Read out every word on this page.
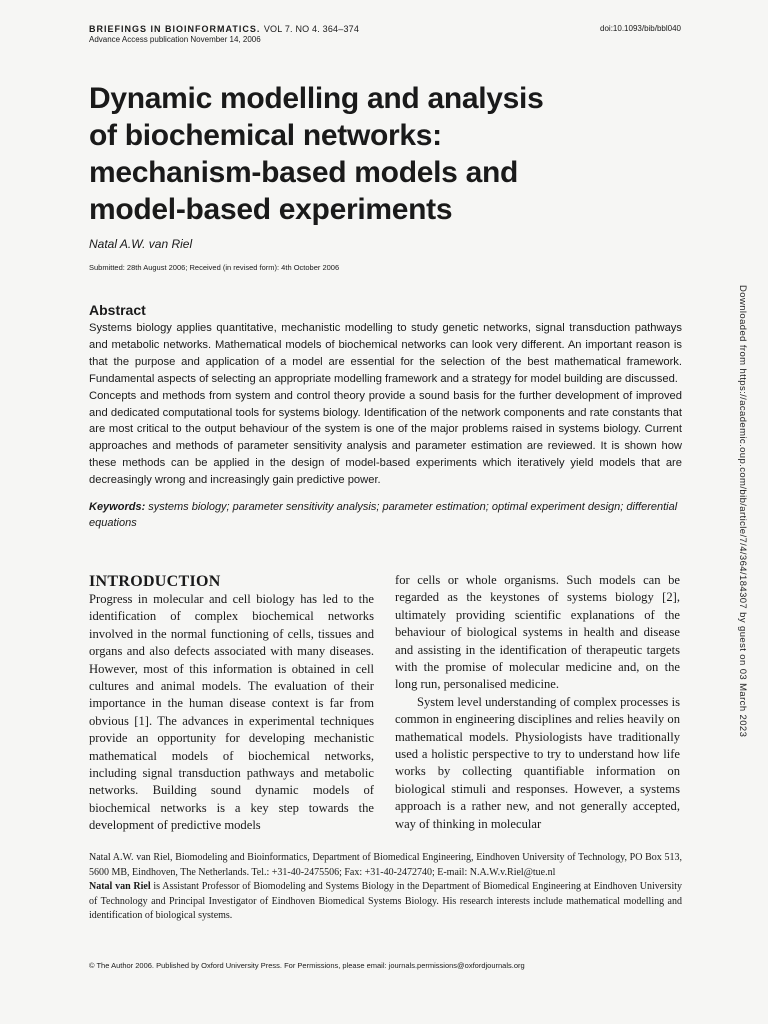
BRIEFINGS IN BIOINFORMATICS. VOL 7. NO 4. 364–374
Advance Access publication November 14, 2006
doi:10.1093/bib/bbl040
Dynamic modelling and analysis
of biochemical networks:
mechanism-based models and
model-based experiments
Natal A.W. van Riel
Submitted: 28th August 2006; Received (in revised form): 4th October 2006
Abstract

Systems biology applies quantitative, mechanistic modelling to study genetic networks, signal transduction pathways and metabolic networks. Mathematical models of biochemical networks can look very different. An important reason is that the purpose and application of a model are essential for the selection of the best mathematical framework. Fundamental aspects of selecting an appropriate modelling framework and a strategy for model building are discussed.

Concepts and methods from system and control theory provide a sound basis for the further development of improved and dedicated computational tools for systems biology. Identification of the network components and rate constants that are most critical to the output behaviour of the system is one of the major problems raised in systems biology. Current approaches and methods of parameter sensitivity analysis and parameter estimation are reviewed. It is shown how these methods can be applied in the design of model-based experiments which iteratively yield models that are decreasingly wrong and increasingly gain predictive power.

Keywords: systems biology; parameter sensitivity analysis; parameter estimation; optimal experiment design; differential equations

INTRODUCTION

Progress in molecular and cell biology has led to the identification of complex biochemical networks involved in the normal functioning of cells, tissues and organs and also defects associated with many diseases. However, most of this information is obtained in cell cultures and animal models. The evaluation of their importance in the human disease context is far from obvious [1]. The advances in experimental techniques provide an opportunity for developing mechanistic mathematical models of biochemical networks, including signal transduction pathways and metabolic networks. Building sound dynamic models of biochemical networks is a key step towards the development of predictive models

for cells or whole organisms. Such models can be regarded as the keystones of systems biology [2], ultimately providing scientific explanations of the behaviour of biological systems in health and disease and assisting in the identification of therapeutic targets with the promise of molecular medicine and, on the long run, personalised medicine.

System level understanding of complex processes is common in engineering disciplines and relies heavily on mathematical models. Physiologists have traditionally used a holistic perspective to try to understand how life works by collecting quantifiable information on biological stimuli and responses. However, a systems approach is a rather new, and not generally accepted, way of thinking in molecular

Natal A.W. van Riel, Biomodeling and Bioinformatics, Department of Biomedical Engineering, Eindhoven University of Technology, PO Box 513, 5600 MB, Eindhoven, The Netherlands. Tel.: +31-40-2475506; Fax: +31-40-2472740; E-mail: N.A.W.v.Riel@tue.nl

Natal van Riel is Assistant Professor of Biomodeling and Systems Biology in the Department of Biomedical Engineering at Eindhoven University of Technology and Principal Investigator of Eindhoven Biomedical Systems Biology. His research interests include mathematical modelling and identification of biological systems.

© The Author 2006. Published by Oxford University Press. For Permissions, please email: journals.permissions@oxfordjournals.org
Downloaded from https://academic.oup.com/bib/article/7/4/364/184307 by guest on 03 March 2023
